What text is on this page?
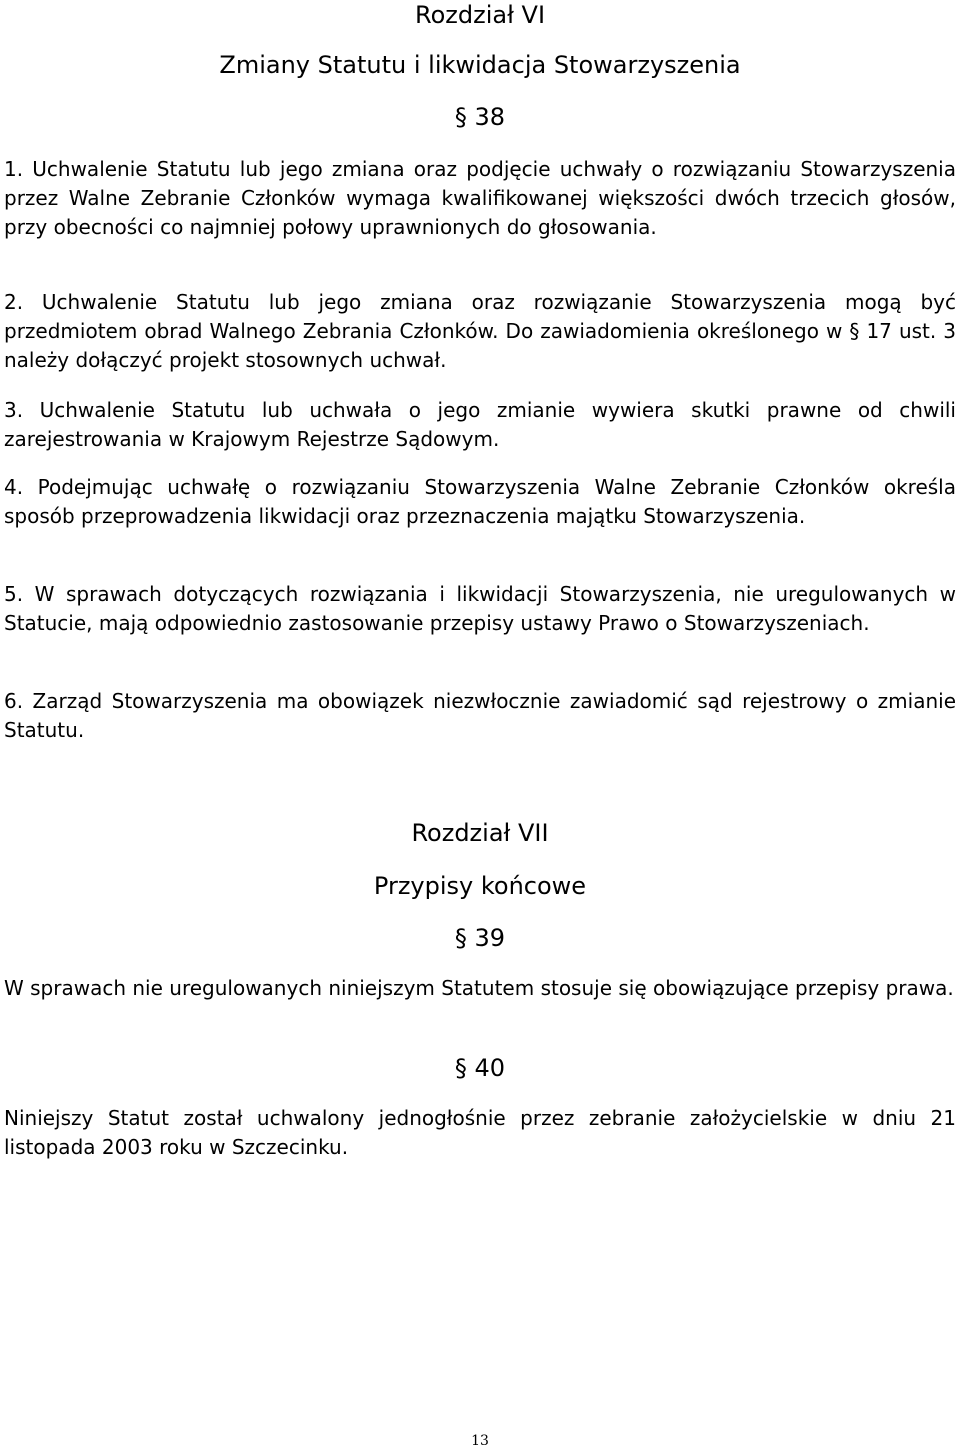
Rozdział VI
Zmiany Statutu i likwidacja Stowarzyszenia
§ 38

1. Uchwalenie Statutu lub jego zmiana oraz podjęcie uchwały o rozwiązaniu Stowarzyszenia przez Walne Zebranie Członków wymaga kwalifikowanej większości dwóch trzecich głosów, przy obecności co najmniej połowy uprawnionych do głosowania.

2. Uchwalenie Statutu lub jego zmiana oraz rozwiązanie Stowarzyszenia mogą być przedmiotem obrad Walnego Zebrania Członków. Do zawiadomienia określonego w § 17 ust. 3 należy dołączyć projekt stosownych uchwał.

3. Uchwalenie Statutu lub uchwała o jego zmianie wywiera skutki prawne od chwili zarejestrowania w Krajowym Rejestrze Sądowym.

4. Podejmując uchwałę o rozwiązaniu Stowarzyszenia Walne Zebranie Członków określa sposób przeprowadzenia likwidacji oraz przeznaczenia majątku Stowarzyszenia.

5. W sprawach dotyczących rozwiązania i likwidacji Stowarzyszenia, nie uregulowanych w Statucie, mają odpowiednio zastosowanie przepisy ustawy Prawo o Stowarzyszeniach.

6. Zarząd Stowarzyszenia ma obowiązek niezwłocznie zawiadomić sąd rejestrowy o zmianie Statutu.

Rozdział VII
Przypisy końcowe
§ 39

W sprawach nie uregulowanych niniejszym Statutem stosuje się obowiązujące przepisy prawa.

§ 40

Niniejszy Statut został uchwalony jednogłośnie przez zebranie założycielskie w dniu 21 listopada 2003 roku w Szczecinku.

13
